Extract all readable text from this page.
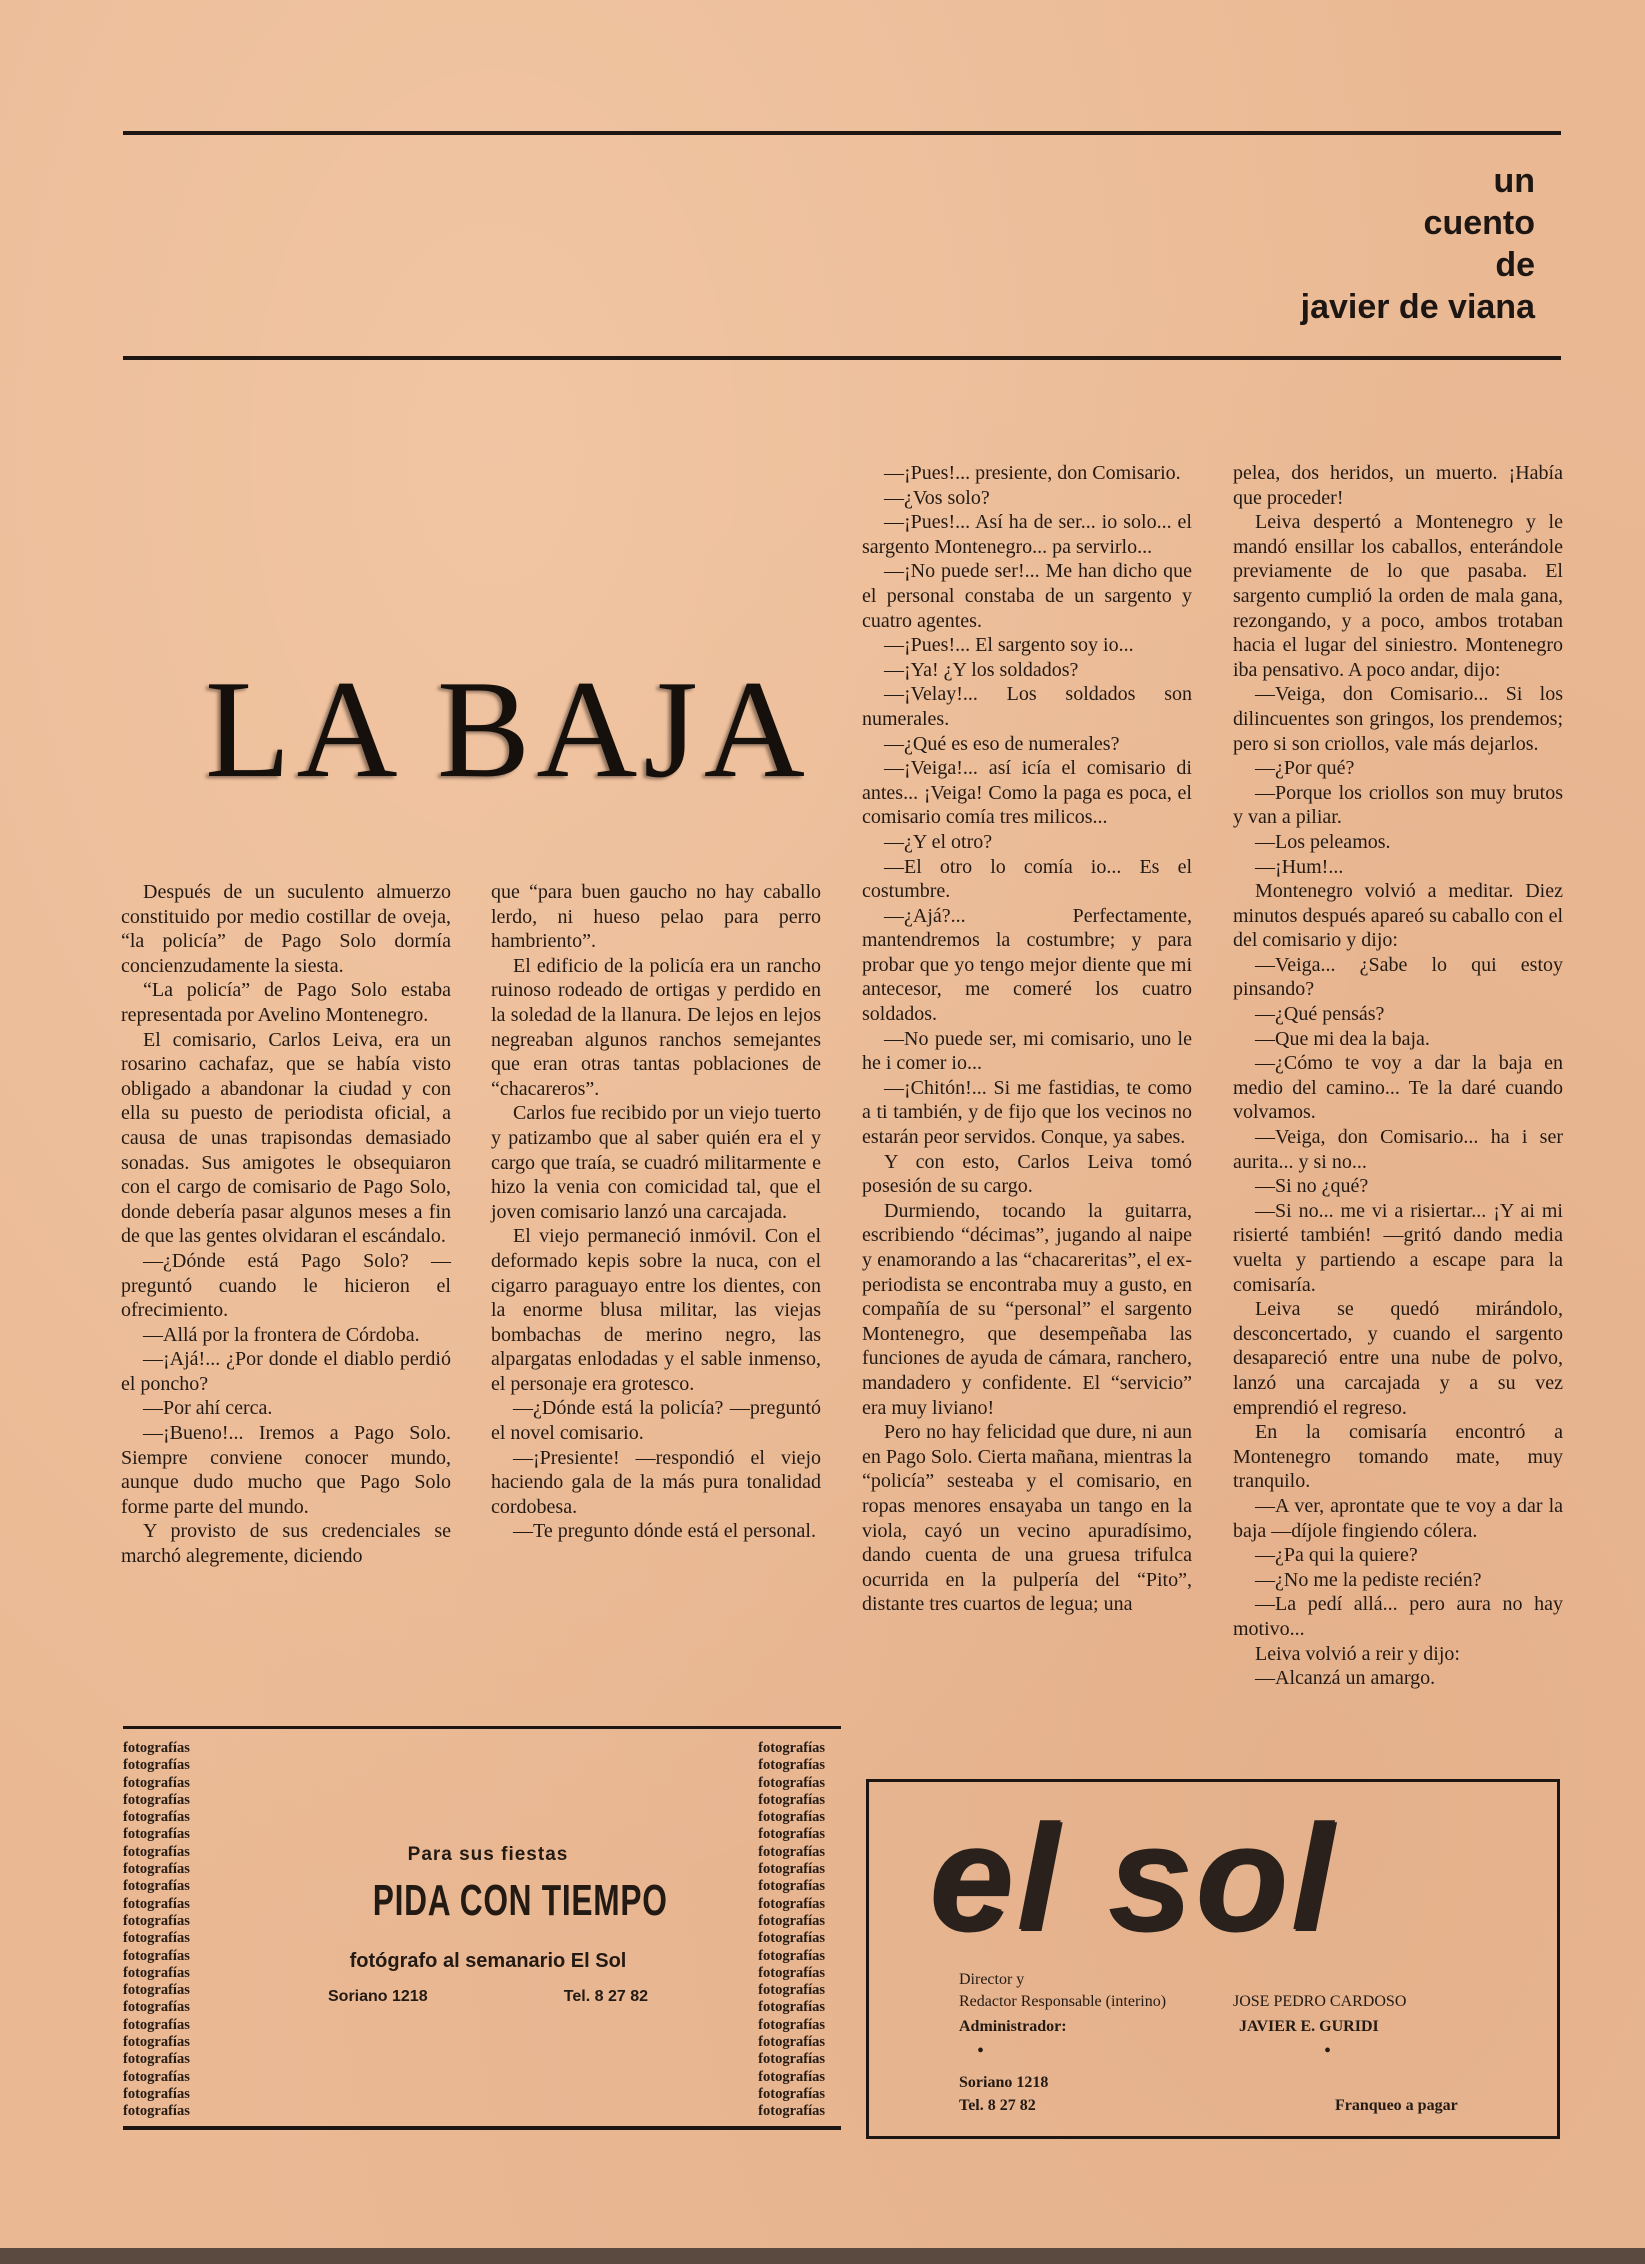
un
cuento
de
javier de viana
LA BAJA

Después de un suculento almuerzo constituido por medio costillar de oveja, “la policía” de Pago Solo dormía concienzudamente la siesta.

“La policía” de Pago Solo estaba representada por Avelino Montenegro.

El comisario, Carlos Leiva, era un rosarino cachafaz, que se había visto obligado a abandonar la ciudad y con ella su puesto de periodista oficial, a causa de unas trapisondas demasiado sonadas. Sus amigotes le obsequiaron con el cargo de comisario de Pago Solo, donde debería pasar algunos meses a fin de que las gentes olvidaran el escándalo.

—¿Dónde está Pago Solo? —preguntó cuando le hicieron el ofrecimiento.

—Allá por la frontera de Córdoba.

—¡Ajá!... ¿Por donde el diablo perdió el poncho?

—Por ahí cerca.

—¡Bueno!... Iremos a Pago Solo. Siempre conviene conocer mundo, aunque dudo mucho que Pago Solo forme parte del mundo.

Y provisto de sus credenciales se marchó alegremente, diciendo

que “para buen gaucho no hay caballo lerdo, ni hueso pelao para perro hambriento”.

El edificio de la policía era un rancho ruinoso rodeado de ortigas y perdido en la soledad de la llanura. De lejos en lejos negreaban algunos ranchos semejantes que eran otras tantas poblaciones de “chacareros”.

Carlos fue recibido por un viejo tuerto y patizambo que al saber quién era el y cargo que traía, se cuadró militarmente e hizo la venia con comicidad tal, que el joven comisario lanzó una carcajada.

El viejo permaneció inmóvil. Con el deformado kepis sobre la nuca, con el cigarro paraguayo entre los dientes, con la enorme blusa militar, las viejas bombachas de merino negro, las alpargatas enlodadas y el sable inmenso, el personaje era grotesco.

—¿Dónde está la policía? —preguntó el novel comisario.

—¡Presiente! —respondió el viejo haciendo gala de la más pura tonalidad cordobesa.

—Te pregunto dónde está el personal.

—¡Pues!... presiente, don Comisario.

—¿Vos solo?

—¡Pues!... Así ha de ser... io solo... el sargento Montenegro... pa servirlo...

—¡No puede ser!... Me han dicho que el personal constaba de un sargento y cuatro agentes.

—¡Pues!... El sargento soy io...

—¡Ya! ¿Y los soldados?

—¡Velay!... Los soldados son numerales.

—¿Qué es eso de numerales?

—¡Veiga!... así icía el comisario di antes... ¡Veiga! Como la paga es poca, el comisario comía tres milicos...

—¿Y el otro?

—El otro lo comía io... Es el costumbre.

—¿Ajá?... Perfectamente, mantendremos la costumbre; y para probar que yo tengo mejor diente que mi antecesor, me comeré los cuatro soldados.

—No puede ser, mi comisario, uno le he i comer io...

—¡Chitón!... Si me fastidias, te como a ti también, y de fijo que los vecinos no estarán peor servidos. Conque, ya sabes.

Y con esto, Carlos Leiva tomó posesión de su cargo.

Durmiendo, tocando la guitarra, escribiendo “décimas”, jugando al naipe y enamorando a las “chacareritas”, el ex-periodista se encontraba muy a gusto, en compañía de su “personal” el sargento Montenegro, que desempeñaba las funciones de ayuda de cámara, ranchero, mandadero y confidente. El “servicio” era muy liviano!

Pero no hay felicidad que dure, ni aun en Pago Solo. Cierta mañana, mientras la “policía” sesteaba y el comisario, en ropas menores ensayaba un tango en la viola, cayó un vecino apuradísimo, dando cuenta de una gruesa trifulca ocurrida en la pulpería del “Pito”, distante tres cuartos de legua; una

pelea, dos heridos, un muerto. ¡Había que proceder!

Leiva despertó a Montenegro y le mandó ensillar los caballos, enterándole previamente de lo que pasaba. El sargento cumplió la orden de mala gana, rezongando, y a poco, ambos trotaban hacia el lugar del siniestro. Montenegro iba pensativo. A poco andar, dijo:

—Veiga, don Comisario... Si los dilincuentes son gringos, los prendemos; pero si son criollos, vale más dejarlos.

—¿Por qué?

—Porque los criollos son muy brutos y van a piliar.

—Los peleamos.

—¡Hum!...

Montenegro volvió a meditar. Diez minutos después apareó su caballo con el del comisario y dijo:

—Veiga... ¿Sabe lo qui estoy pinsando?

—¿Qué pensás?

—Que mi dea la baja.

—¿Cómo te voy a dar la baja en medio del camino... Te la daré cuando volvamos.

—Veiga, don Comisario... ha i ser aurita... y si no...

—Si no ¿qué?

—Si no... me vi a risiertar... ¡Y ai mi risierté también! —gritó dando media vuelta y partiendo a escape para la comisaría.

Leiva se quedó mirándolo, desconcertado, y cuando el sargento desapareció entre una nube de polvo, lanzó una carcajada y a su vez emprendió el regreso.

En la comisaría encontró a Montenegro tomando mate, muy tranquilo.

—A ver, aprontate que te voy a dar la baja —díjole fingiendo cólera.

—¿Pa qui la quiere?

—¿No me la pediste recién?

—La pedí allá... pero aura no hay motivo...

Leiva volvió a reir y dijo:

—Alcanzá un amargo.

fotografías
fotografías
fotografías
fotografías
fotografías
fotografías
fotografías
fotografías
fotografías
fotografías
fotografías
fotografías
fotografías
fotografías
fotografías
fotografías
fotografías
fotografías
fotografías
fotografías
fotografías
fotografías
fotografías
fotografías
fotografías
fotografías
fotografías
fotografías
fotografías
fotografías
fotografías
fotografías
fotografías
fotografías
fotografías
fotografías
fotografías
fotografías
fotografías
fotografías
fotografías
fotografías
fotografías
fotografías
Para sus fiestas
PIDA CON TIEMPO
fotógrafo al semanario El Sol
Soriano 1218	Tel. 8 27 82
el sol
Director y
Redactor Responsable (interino)	JOSE PEDRO CARDOSO
Administrador:	JAVIER E. GURIDI
•	•
Soriano 1218
Tel. 8 27 82	Franqueo a pagar
